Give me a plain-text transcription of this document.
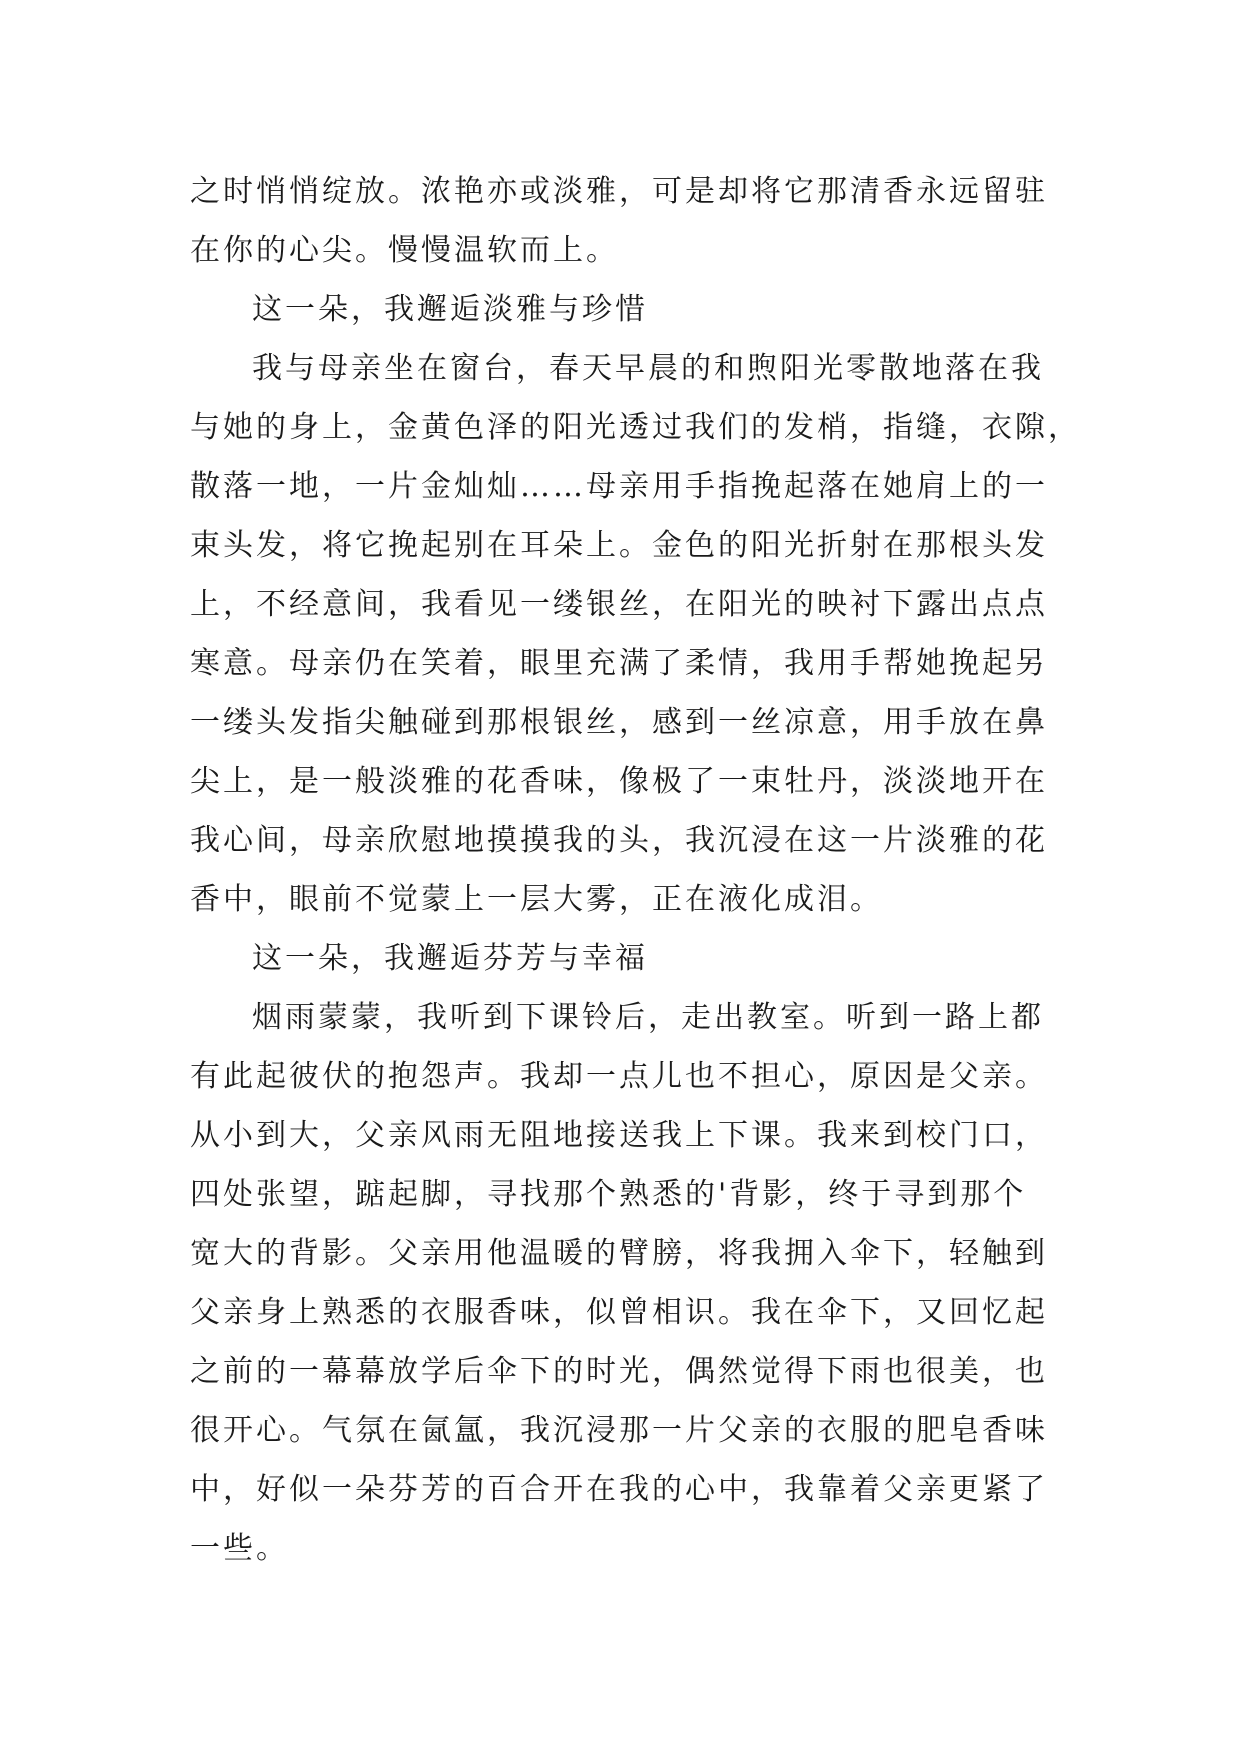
之时悄悄绽放。浓艳亦或淡雅，可是却将它那清香永远留驻
在你的心尖。慢慢温软而上。
这一朵，我邂逅淡雅与珍惜
我与母亲坐在窗台，春天早晨的和煦阳光零散地落在我
与她的身上，金黄色泽的阳光透过我们的发梢，指缝，衣隙，
散落一地，一片金灿灿……母亲用手指挽起落在她肩上的一
束头发，将它挽起别在耳朵上。金色的阳光折射在那根头发
上，不经意间，我看见一缕银丝，在阳光的映衬下露出点点
寒意。母亲仍在笑着，眼里充满了柔情，我用手帮她挽起另
一缕头发指尖触碰到那根银丝，感到一丝凉意，用手放在鼻
尖上，是一般淡雅的花香味，像极了一束牡丹，淡淡地开在
我心间，母亲欣慰地摸摸我的头，我沉浸在这一片淡雅的花
香中，眼前不觉蒙上一层大雾，正在液化成泪。
这一朵，我邂逅芬芳与幸福
烟雨蒙蒙，我听到下课铃后，走出教室。听到一路上都
有此起彼伏的抱怨声。我却一点儿也不担心，原因是父亲。
从小到大，父亲风雨无阻地接送我上下课。我来到校门口，
四处张望，踮起脚，寻找那个熟悉的'背影，终于寻到那个
宽大的背影。父亲用他温暖的臂膀，将我拥入伞下，轻触到
父亲身上熟悉的衣服香味，似曾相识。我在伞下，又回忆起
之前的一幕幕放学后伞下的时光，偶然觉得下雨也很美，也
很开心。气氛在氤氲，我沉浸那一片父亲的衣服的肥皂香味
中，好似一朵芬芳的百合开在我的心中，我靠着父亲更紧了
一些。
